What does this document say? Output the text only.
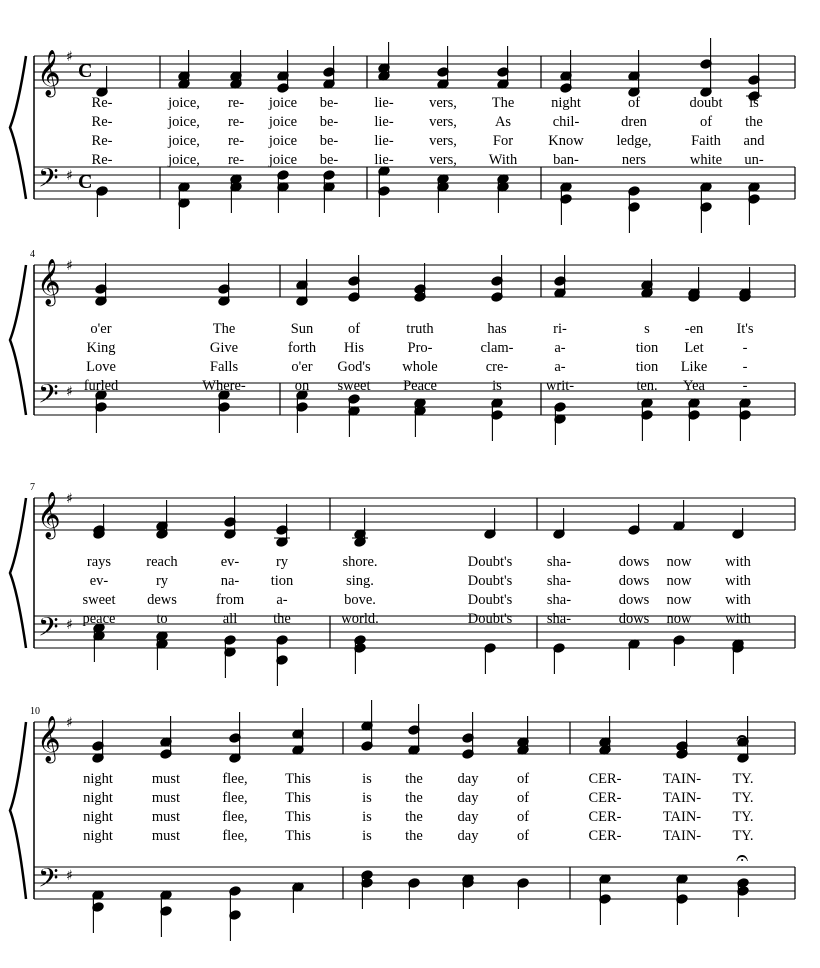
𝄞
𝄢
♯
♯
C
C
Re-
Re-
Re-
Re-
joice,
joice,
joice,
joice,
re-
re-
re-
re-
joice
joice
joice
joice
be-
be-
be-
be-
lie-
lie-
lie-
lie-
vers,
vers,
vers,
vers,
The
As
For
With
night
chil-
Know
ban-
of
dren
ledge,
ners
doubt
of
Faith
white
is
the
and
un-
𝄞
𝄢
♯
♯
4
o'er
King
Love
furled
The
Give
Falls
Where-
Sun
forth
o'er
on
of
His
God's
sweet
truth
Pro-
whole
Peace
has
clam-
cre-
is
ri-
a-
a-
writ-
s
tion
tion
ten.
-en
Let
Like
Yea
It's
-
-
-
𝄞
𝄢
♯
♯
7
rays
ev-
sweet
peace
reach
ry
dews
to
ev-
na-
from
all
ry
tion
a-
the
shore.
sing.
bove.
world.
Doubt's
Doubt's
Doubt's
Doubt's
sha-
sha-
sha-
sha-
dows
dows
dows
dows
now
now
now
now
with
with
with
with
𝄞
𝄢
♯
♯
10
night
night
night
night
must
must
must
must
flee,
flee,
flee,
flee,
This
This
This
This
is
is
is
is
the
the
the
the
day
day
day
day
of
of
of
of
CER-
CER-
CER-
CER-
TAIN-
TAIN-
TAIN-
TAIN-
TY.
TY.
TY.
TY.
𝄐
𝄐
